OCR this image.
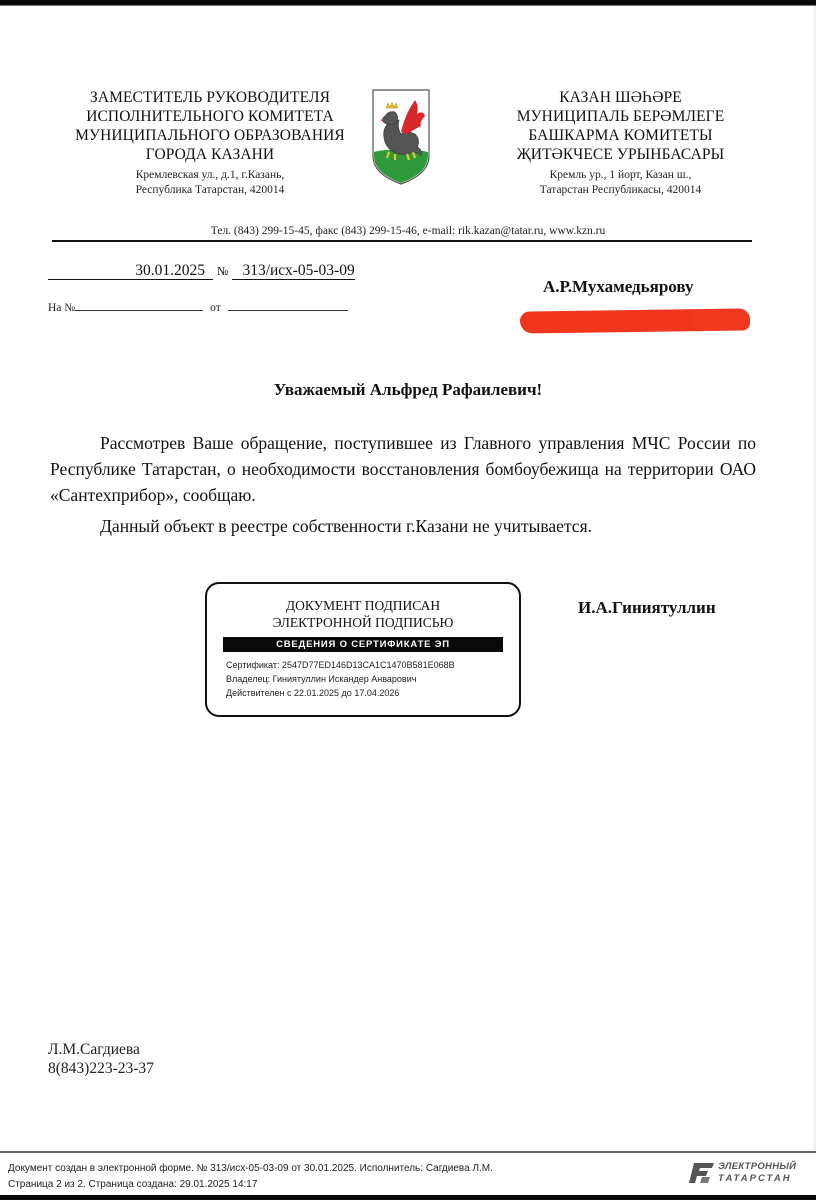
ЗАМЕСТИТЕЛЬ РУКОВОДИТЕЛЯ
ИСПОЛНИТЕЛЬНОГО КОМИТЕТА
МУНИЦИПАЛЬНОГО ОБРАЗОВАНИЯ
ГОРОДА КАЗАНИ
Кремлевская ул., д.1, г.Казань,
Республика Татарстан, 420014
КАЗАН ШӘҺӘРЕ
МУНИЦИПАЛЬ БЕРӘМЛЕГЕ
БАШКАРМА КОМИТЕТЫ
ҖИТӘКЧЕСЕ УРЫНБАСАРЫ
Кремль ур., 1 йорт, Казан ш.,
Татарстан Республикасы, 420014
Тел. (843) 299-15-45, факс (843) 299-15-46, e-mail: rik.kazan@tatar.ru, www.kzn.ru
30.01.2025 № 313/исх-05-03-09
На №	от
А.Р.Мухамедьярову
Уважаемый Альфред Рафаилевич!
Рассмотрев Ваше обращение, поступившее из Главного управления МЧС России по Республике Татарстан, о необходимости восстановления бомбоубежища на территории ОАО «Сантехприбор», сообщаю.
Данный объект в реестре собственности г.Казани не учитывается.
ДОКУМЕНТ ПОДПИСАН
ЭЛЕКТРОННОЙ ПОДПИСЬЮ
СВЕДЕНИЯ О СЕРТИФИКАТЕ ЭП
Сертификат: 2547D77ED146D13CA1C1470B581E068B
Владелец: Гиниятуллин Искандер Анварович
Действителен с 22.01.2025 до 17.04.2026
И.А.Гиниятуллин
Л.М.Сагдиева
8(843)223-23-37
Документ создан в электронной форме. № 313/исх-05-03-09 от 30.01.2025. Исполнитель: Сагдиева Л.М.
Страница 2 из 2. Страница создана: 29.01.2025 14:17
ЭЛЕКТРОННЫЙ
ТАТАРСТАН
